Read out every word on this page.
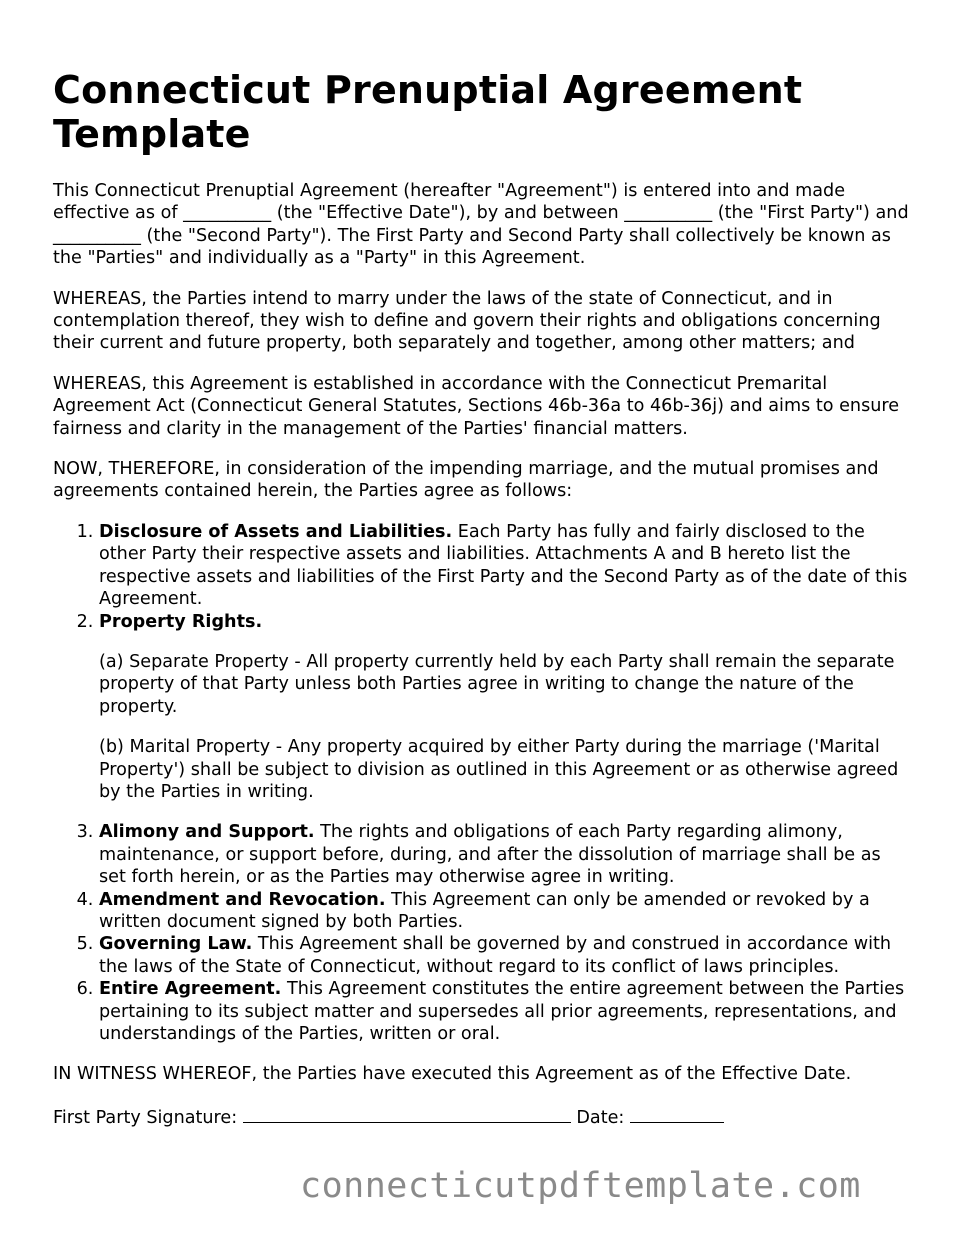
Connecticut Prenuptial Agreement Template

This Connecticut Prenuptial Agreement (hereafter "Agreement") is entered into and made effective as of __________ (the "Effective Date"), by and between __________ (the "First Party") and __________ (the "Second Party"). The First Party and Second Party shall collectively be known as the "Parties" and individually as a "Party" in this Agreement.

WHEREAS, the Parties intend to marry under the laws of the state of Connecticut, and in contemplation thereof, they wish to define and govern their rights and obligations concerning their current and future property, both separately and together, among other matters; and

WHEREAS, this Agreement is established in accordance with the Connecticut Premarital Agreement Act (Connecticut General Statutes, Sections 46b-36a to 46b-36j) and aims to ensure fairness and clarity in the management of the Parties' financial matters.

NOW, THEREFORE, in consideration of the impending marriage, and the mutual promises and agreements contained herein, the Parties agree as follows:

1. Disclosure of Assets and Liabilities. Each Party has fully and fairly disclosed to the other Party their respective assets and liabilities. Attachments A and B hereto list the respective assets and liabilities of the First Party and the Second Party as of the date of this Agreement.
2. Property Rights.
(a) Separate Property - All property currently held by each Party shall remain the separate property of that Party unless both Parties agree in writing to change the nature of the property.
(b) Marital Property - Any property acquired by either Party during the marriage ('Marital Property') shall be subject to division as outlined in this Agreement or as otherwise agreed by the Parties in writing.
3. Alimony and Support. The rights and obligations of each Party regarding alimony, maintenance, or support before, during, and after the dissolution of marriage shall be as set forth herein, or as the Parties may otherwise agree in writing.
4. Amendment and Revocation. This Agreement can only be amended or revoked by a written document signed by both Parties.
5. Governing Law. This Agreement shall be governed by and construed in accordance with the laws of the State of Connecticut, without regard to its conflict of laws principles.
6. Entire Agreement. This Agreement constitutes the entire agreement between the Parties pertaining to its subject matter and supersedes all prior agreements, representations, and understandings of the Parties, written or oral.

IN WITNESS WHEREOF, the Parties have executed this Agreement as of the Effective Date.

First Party Signature:	Date:
connecticutpdftemplate.com
